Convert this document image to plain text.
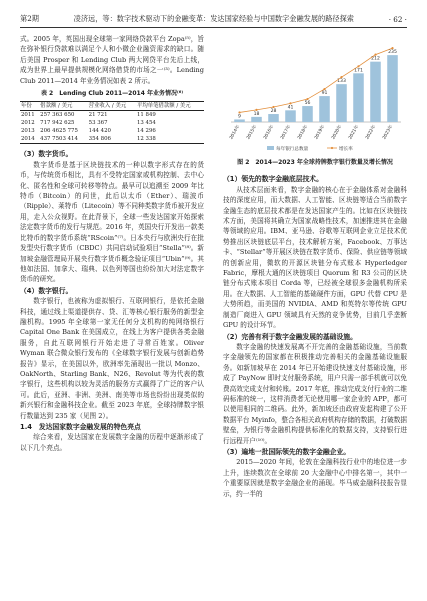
第2期	凌济远，等：数字技术驱动下的金融变革：发达国家经验与中国数字金融发展的路径探索	· 62 ·

式。2005 年，英国出现全球第一家网络贷款平台 Zopa⁽⁵⁾，旨在弥补银行贷款难以满足个人和小微企业融资需求的缺口。随后美国 Prosper 和 Lending Club 两大网贷平台先后上线，成为世界上最早提供规模化网络借贷的市场之一⁽³⁾。Lending Club 2011—2014 年业务情况如表 2 所示。

表 2　Lending Club 2011—2014 年业务情况⁽⁶⁾
年份	借款额 / 美元	营业收入 / 美元	平均单笔借款额 / 美元
2011	257 363 650	21 721	11 849
2012	717 942 625	53 367	13 454
2013	206 4625 775	144 420	14 296
2014	437 7503 414	354 806	12 338

（3）数字货币。

数字货币是基于区块链技术的一种以数字形式存在的货币，与传统货币相比，具有不受特定国家或机构控制、去中心化、匿名性和全球可转移等特点。最早可以追溯至 2009 年比特币（Bitcoin）的问世，此后以太币（Ether）、瑞波币（Ripple）、莱特币（Litecoin）等不同种类数字货币被开发应用，走入公众视野。在此背景下，全球一些发达国家开始探索法定数字货币的发行与规范。2016 年，英国央行开发出一款类比特币的数字货币系统“RScoin”⁽⁷⁾。日本央行与欧洲央行在批发型央行数字货币（CBDC）共同启动试验项目“Stella”⁽⁸⁾。新加坡金融管理局开展央行数字货币概念验证项目“Ubin”⁽⁹⁾。其他如法国、加拿大、瑞典、以色列等国也纷纷加大对法定数字货币的研究。

（4）数字银行。

数字银行，也被称为虚拟银行、互联网银行，是依托金融科技，通过线上渠道提供存、贷、汇等核心银行服务的新型金融机构。1995 年全球第一家无任何分支机构的纯网络银行 Capital One Bank 在美国成立，在线上为客户提供各类金融服务，自此互联网银行开始走进了寻常百姓家。Oliver Wyman 联合微众银行发布的《全球数字银行发展与创新趋势报告》显示，在美国以外，欧洲率先涌现出一批以 Monzo、OakNorth、Starling Bank、N26、Revolut 等为代表的数字银行，这些机构以较为灵活的服务方式赢得了广泛的客户认可。此后，亚洲、非洲、美洲、南美等市场也纷纷出现类似的新兴银行和金融科技企业。截至 2023 年底，全球持牌数字银行数量达到 235 家（见图 2）。

1.4　发达国家数字金融发展的特色亮点

综合来看，发达国家在发展数字金融的历程中逐渐形成了以下几个亮点。

9
2014年
18
2015年
28
2016年
41
2017年
56
2018年
91
2019年
133
2020年
171
2021年
212
2022年
235
2023年
每年银行总数量	增长率
图 2　2014—2023 年全球持牌数字银行数量及增长情况

（1）领先的数字金融底层技术。

从技术层面来看，数字金融的核心在于金融体系对金融科技的深度应用，而大数据、人工智能、区块链等适合当前数字金融生态的底层技术都是在发达国家产生的。比如在区块链技术方面，美国将其确立为国家战略性技术，加速推进其在金融等领域的应用。IBM、亚马逊、谷歌等互联网企业立足技术优势推出区块链底层平台，技术解析方案，Facebook、万事达卡、“Stellar”等开展区块链在数字货币、保险、供应链等领域的创新应用，微软的开源区块链分布式账本 Hyperledger Fabric，摩根大通的区块链项目 Quorum 和 R3 公司的区块链分布式账本项目 Corda 等，已经被全球很多金融机构所采用。在大数据、人工智能的基础硬件方面，GPU 代替 CPU 是大势所趋，而美国的 NVIDIA、AMD 和英特尔等传统 GPU 制造厂商进入 GPU 领域具有天然的竞争优势，目前几乎垄断 GPU 的设计环节。

（2）完善有利于数字金融发展的基础设施。

数字金融的快速发展离不开完善的金融基础设施，当前数字金融领先的国家都在积极推动完善相关的金融基础设施服务。如新加坡早在 2014 年已开始建设快速支付基础设施，形成了 PayNow 即时支付服务系统，用户只需一部手机就可以免费高效完成支付和转账。2017 年底，推动完成支付行业的二维码标准的统一，这样消费者无论使用哪一家企业的 APP，都可以使用相同的二维码。此外，新加坡还由政府发起构建了公开数据平台 Myinfo，整合各相关政府机构存储的数据，打破数据壁垒，为银行等金融机构提供标准化的数据支持，支持银行进行远程开户⁽¹⁰⁾。

（3）遍地一批国际领先的数字金融企业。

2015—2020 年间，伦敦在金融科技行业中的地位进一步上升，连续数次在全球前 20 大金融中心中排名第一，其中一个重要原因就是数字金融企业的涌现。毕马威金融科技报告显示，约一半的
